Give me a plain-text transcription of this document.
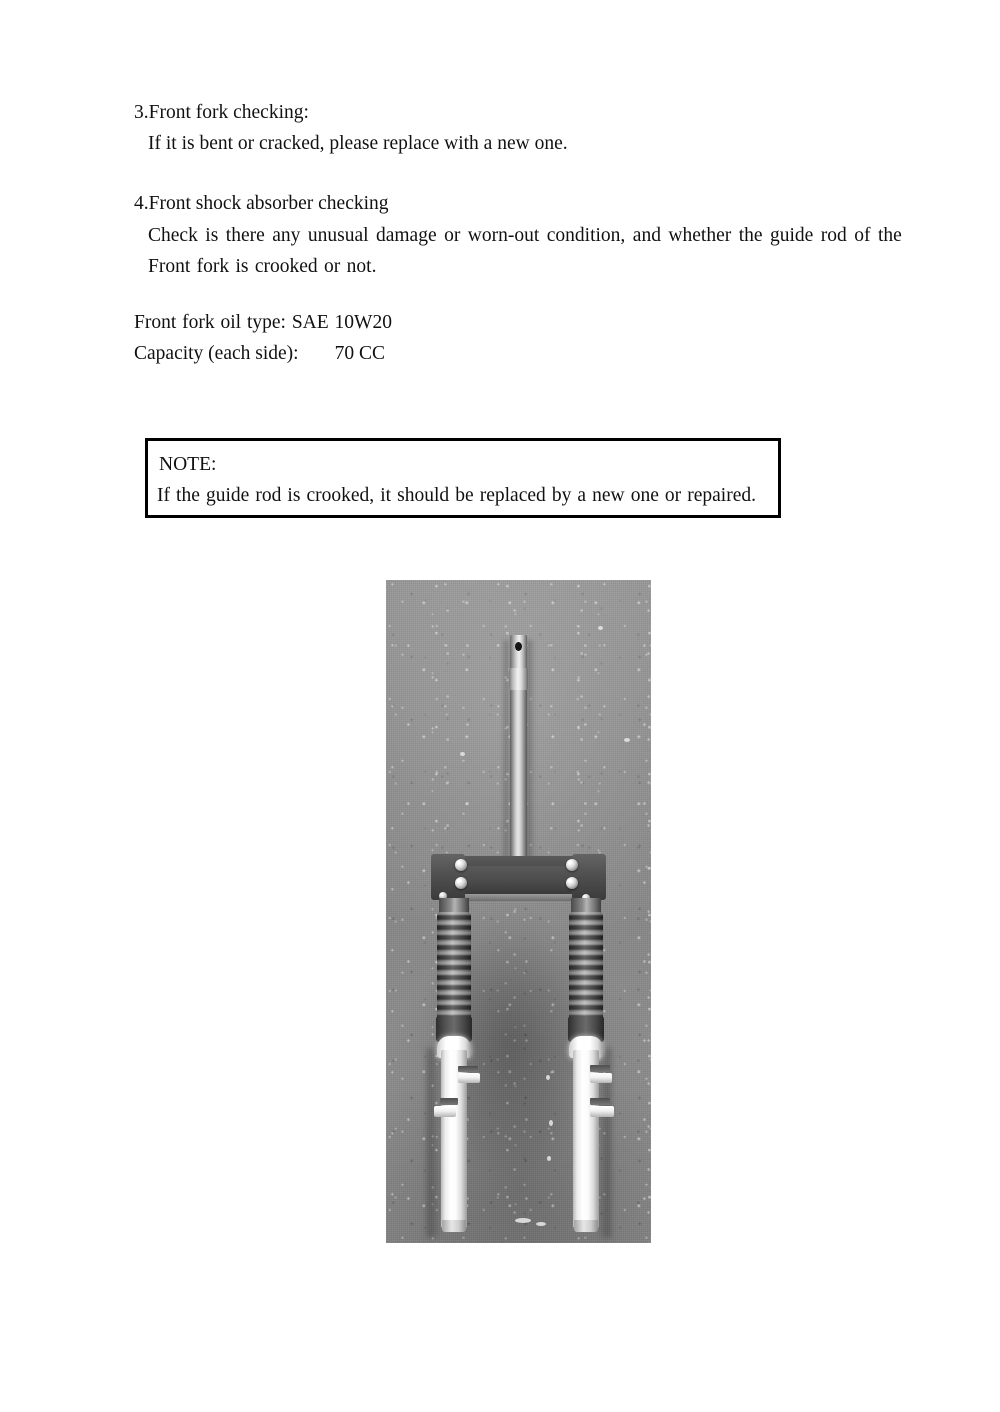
3.Front fork checking:
If it is bent or cracked, please replace with a new one.
4.Front shock absorber checking
Check is there any unusual damage or worn-out condition, and whether the guide rod of the
Front fork is crooked or not.
Front fork oil type: SAE 10W20
Capacity (each side): 70 CC
NOTE:
If the guide rod is crooked, it should be replaced by a new one or repaired.
